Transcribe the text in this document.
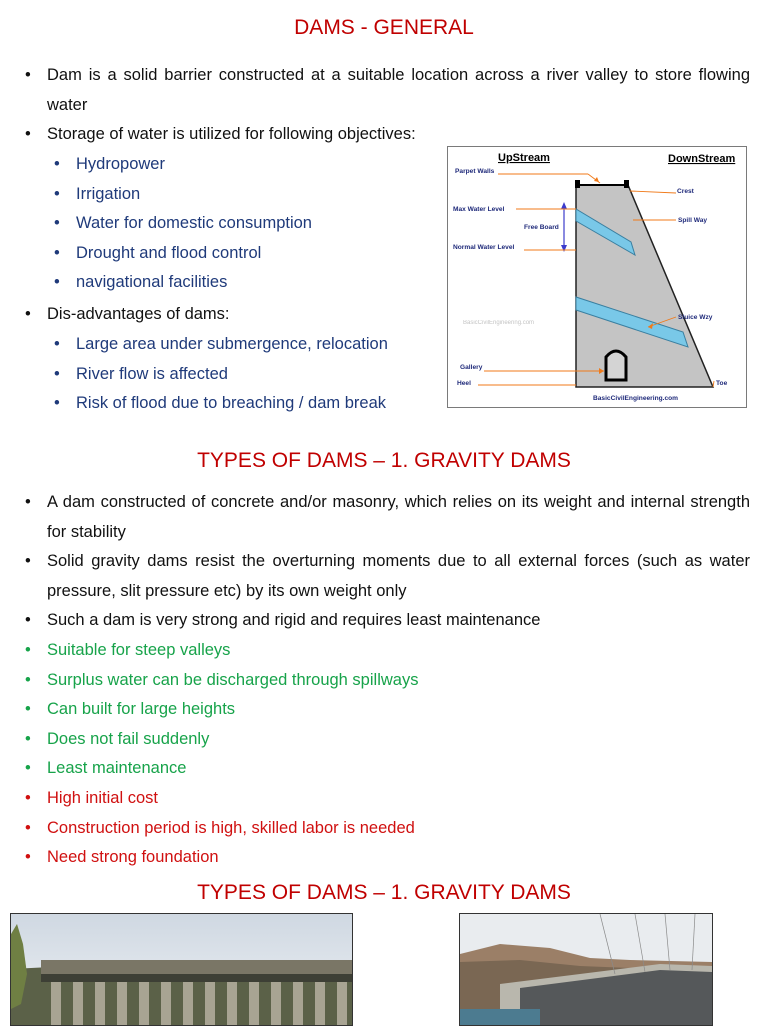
DAMS - GENERAL
• Dam is a solid barrier constructed at a suitable location across a river valley to store flowing water
• Storage of water is utilized for following objectives:
• Hydropower
• Irrigation
• Water for domestic consumption
• Drought and flood control
• navigational facilities
• Dis-advantages of dams:
• Large area under submergence, relocation
• River flow is affected
• Risk of flood due to breaching / dam break
UpStream	DownStream
Parpet Walls
Crest
Max Water Level
Spill Way
Free Board
Normal Water Level
Sluice Wzy
Gallery
Heel	Toe
BasicCivilEngineering.com
BasicCivilEngineering.com
TYPES OF DAMS – 1. GRAVITY DAMS
• A dam constructed of concrete and/or masonry, which relies on its weight and internal strength for stability
• Solid gravity dams resist the overturning moments due to all external forces (such as water pressure, slit pressure etc) by its own weight only
• Such a dam is very strong and rigid and requires least maintenance
• Suitable for steep valleys
• Surplus water can be discharged through spillways
• Can built for large heights
• Does not fail suddenly
• Least maintenance
• High initial cost
• Construction period is high, skilled labor is needed
• Need strong foundation
TYPES OF DAMS – 1. GRAVITY DAMS
